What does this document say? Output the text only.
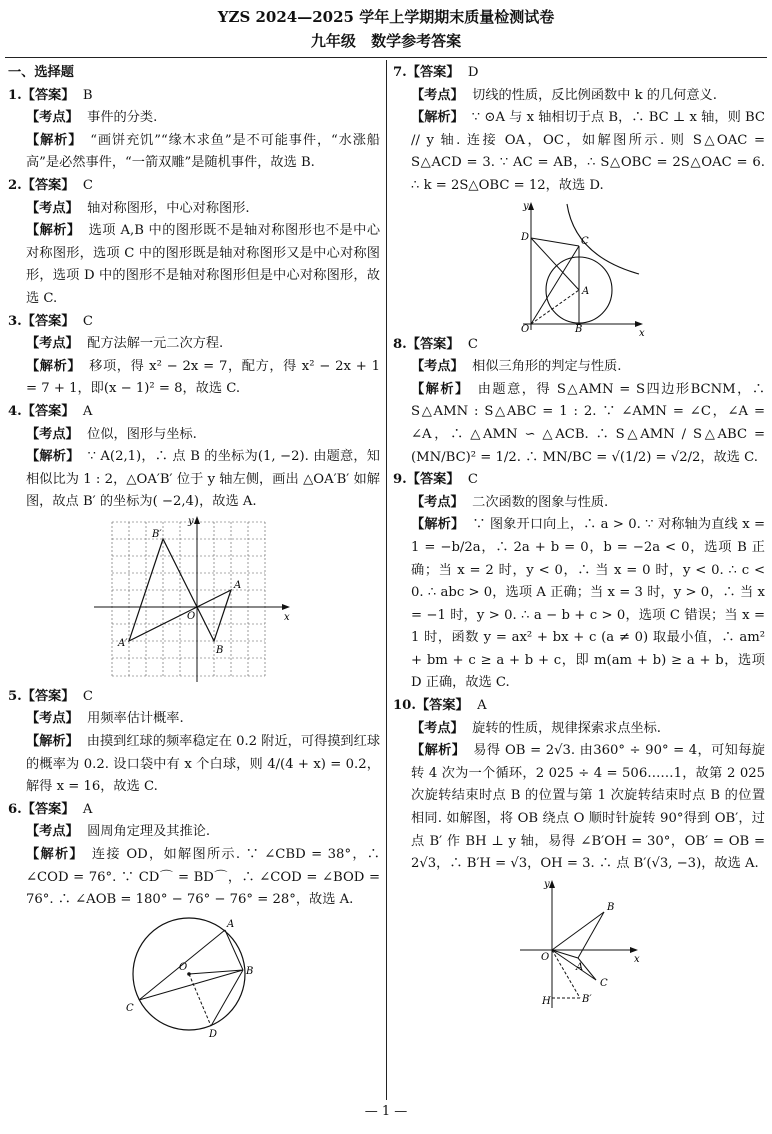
YZS 2024—2025 学年上学期期末质量检测试卷
九年级 数学参考答案
一、选择题
1.【答案】 B
【考点】 事件的分类.
【解析】 “画饼充饥”“缘木求鱼”是不可能事件，“水涨船高”是必然事件，“一箭双雕”是随机事件，故选 B.
2.【答案】 C
【考点】 轴对称图形，中心对称图形.
【解析】 选项 A,B 中的图形既不是轴对称图形也不是中心对称图形，选项 C 中的图形既是轴对称图形又是中心对称图形，选项 D 中的图形不是轴对称图形但是中心对称图形，故选 C.
3.【答案】 C
【考点】 配方法解一元二次方程.
【解析】 移项，得 x² − 2x = 7，配方，得 x² − 2x + 1 = 7 + 1，即(x − 1)² = 8，故选 C.
4.【答案】 A
【考点】 位似，图形与坐标.
【解析】 ∵ A(2,1)，∴ 点 B 的坐标为(1, −2). 由题意，知相似比为 1 : 2，△OA′B′ 位于 y 轴左侧，画出 △OA′B′ 如解图，故点 B′ 的坐标为( −2,4)，故选 A.
y
x
O
A
B
A′
B′
5.【答案】 C
【考点】 用频率估计概率.
【解析】 由摸到红球的频率稳定在 0.2 附近，可得摸到红球的概率为 0.2. 设口袋中有 x 个白球，则 4/(4 + x) = 0.2，解得 x = 16，故选 C.
6.【答案】 A
【考点】 圆周角定理及其推论.
【解析】 连接 OD，如解图所示. ∵ ∠CBD = 38°，∴ ∠COD = 76°. ∵ CD⌒ = BD⌒，∴ ∠COD = ∠BOD = 76°. ∴ ∠AOB = 180° − 76° − 76° = 28°，故选 A.
A
B
C
D
O
7.【答案】 D
【考点】 切线的性质，反比例函数中 k 的几何意义.
【解析】 ∵ ⊙A 与 x 轴相切于点 B，∴ BC ⊥ x 轴，则 BC // y 轴. 连接 OA，OC，如解图所示. 则 S△OAC = S△ACD = 3. ∵ AC = AB，∴ S△OBC = 2S△OAC = 6. ∴ k = 2S△OBC = 12，故选 D.
y
x
O
A
B
C
D
8.【答案】 C
【考点】 相似三角形的判定与性质.
【解析】 由题意，得 S△AMN = S四边形BCNM，∴ S△AMN : S△ABC = 1 : 2. ∵ ∠AMN = ∠C，∠A = ∠A，∴ △AMN ∽ △ACB. ∴ S△AMN / S△ABC = (MN/BC)² = 1/2. ∴ MN/BC = √(1/2) = √2/2，故选 C.
9.【答案】 C
【考点】 二次函数的图象与性质.
【解析】 ∵ 图象开口向上，∴ a > 0. ∵ 对称轴为直线 x = 1 = −b/2a，∴ 2a + b = 0，b = −2a < 0，选项 B 正确；当 x = 2 时，y < 0，∴ 当 x = 0 时，y < 0. ∴ c < 0. ∴ abc > 0，选项 A 正确；当 x = 3 时，y > 0，∴ 当 x = −1 时，y > 0. ∴ a − b + c > 0，选项 C 错误；当 x = 1 时，函数 y = ax² + bx + c (a ≠ 0) 取最小值，∴ am² + bm + c ≥ a + b + c，即 m(am + b) ≥ a + b，选项 D 正确，故选 C.
10.【答案】 A
【考点】 旋转的性质，规律探索求点坐标.
【解析】 易得 OB = 2√3. 由360° ÷ 90° = 4，可知每旋转 4 次为一个循环，2 025 ÷ 4 = 506……1，故第 2 025 次旋转结束时点 B 的位置与第 1 次旋转结束时点 B 的位置相同. 如解图，将 OB 绕点 O 顺时针旋转 90°得到 OB′，过点 B′ 作 BH ⊥ y 轴，易得 ∠B′OH = 30°，OB′ = OB = 2√3，∴ B′H = √3，OH = 3. ∴ 点 B′(√3, −3)，故选 A.
y
x
O
B
A
C
H	B′
— 1 —
